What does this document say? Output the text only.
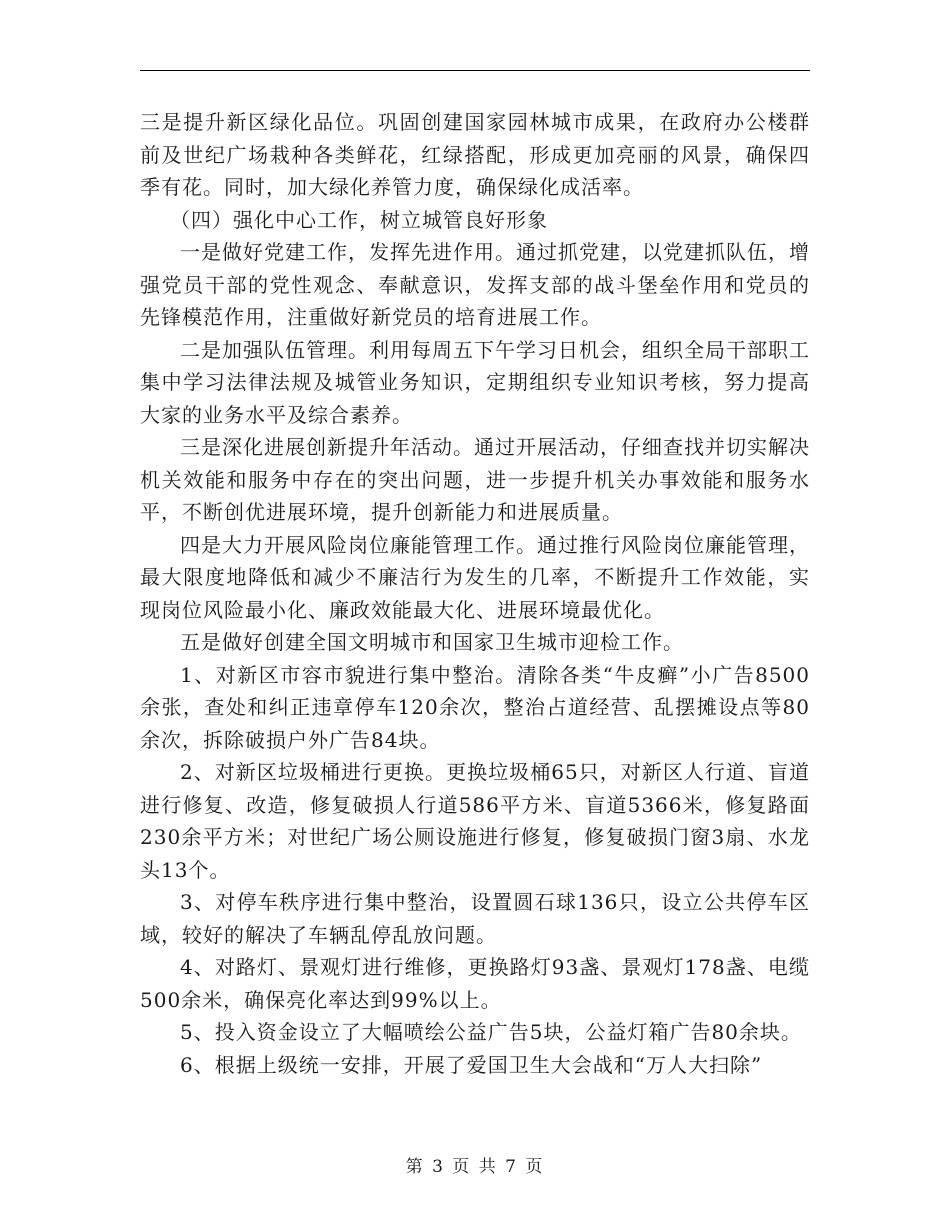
三是提升新区绿化品位。巩固创建国家园林城市成果，在政府办公楼群前及世纪广场栽种各类鲜花，红绿搭配，形成更加亮丽的风景，确保四季有花。同时，加大绿化养管力度，确保绿化成活率。

（四）强化中心工作，树立城管良好形象

一是做好党建工作，发挥先进作用。通过抓党建，以党建抓队伍，增强党员干部的党性观念、奉献意识，发挥支部的战斗堡垒作用和党员的先锋模范作用，注重做好新党员的培育进展工作。

二是加强队伍管理。利用每周五下午学习日机会，组织全局干部职工集中学习法律法规及城管业务知识，定期组织专业知识考核，努力提高大家的业务水平及综合素养。

三是深化进展创新提升年活动。通过开展活动，仔细查找并切实解决机关效能和服务中存在的突出问题，进一步提升机关办事效能和服务水平，不断创优进展环境，提升创新能力和进展质量。

四是大力开展风险岗位廉能管理工作。通过推行风险岗位廉能管理，最大限度地降低和减少不廉洁行为发生的几率，不断提升工作效能，实现岗位风险最小化、廉政效能最大化、进展环境最优化。

五是做好创建全国文明城市和国家卫生城市迎检工作。

1、对新区市容市貌进行集中整治。清除各类“牛皮癣”小广告8500余张，查处和纠正违章停车120余次，整治占道经营、乱摆摊设点等80余次，拆除破损户外广告84块。

2、对新区垃圾桶进行更换。更换垃圾桶65只，对新区人行道、盲道进行修复、改造，修复破损人行道586平方米、盲道5366米，修复路面230余平方米；对世纪广场公厕设施进行修复，修复破损门窗3扇、水龙头13个。

3、对停车秩序进行集中整治，设置圆石球136只，设立公共停车区域，较好的解决了车辆乱停乱放问题。

4、对路灯、景观灯进行维修，更换路灯93盏、景观灯178盏、电缆500余米，确保亮化率达到99%以上。

5、投入资金设立了大幅喷绘公益广告5块，公益灯箱广告80余块。

6、根据上级统一安排，开展了爱国卫生大会战和“万人大扫除”

第 3 页 共 7 页
